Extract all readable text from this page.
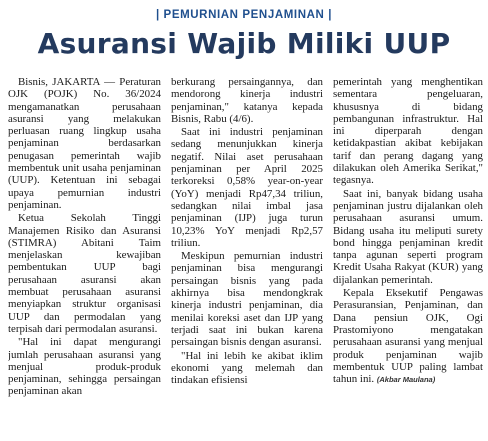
| PEMURNIAN PENJAMINAN |
Asuransi Wajib Miliki UUP

Bisnis, JAKARTA — Peraturan OJK (POJK) No. 36/2024 mengamanatkan perusahaan asuransi yang melakukan perluasan ruang lingkup usaha penjaminan berdasarkan penugasan pemerintah wajib membentuk unit usaha penjaminan (UUP). Ketentuan ini sebagai upaya pemurnian industri penjaminan.

Ketua Sekolah Tinggi Manajemen Risiko dan Asuransi (STIMRA) Abitani Taim menjelaskan kewajiban pembentukan UUP bagi perusahaan asuransi akan membuat perusahaan asuransi menyiapkan struktur organisasi UUP dan permodalan yang terpisah dari permodalan asuransi.

"Hal ini dapat mengurangi jumlah perusahaan asuransi yang menjual produk-produk penjaminan, sehingga persaingan penjaminan akan

berkurang persaingannya, dan mendorong kinerja industri penjaminan," katanya kepada Bisnis, Rabu (4/6).

Saat ini industri penjaminan sedang menunjukkan kinerja negatif. Nilai aset perusahaan penjaminan per April 2025 terkoreksi 0,58% year-on-year (YoY) menjadi Rp47,34 triliun, sedangkan nilai imbal jasa penjaminan (IJP) juga turun 10,23% YoY menjadi Rp2,57 triliun.

Meskipun pemurnian industri penjaminan bisa mengurangi persaingan bisnis yang pada akhirnya bisa mendongkrak kinerja industri penjaminan, dia menilai koreksi aset dan IJP yang terjadi saat ini bukan karena persaingan bisnis dengan asuransi.

"Hal ini lebih ke akibat iklim ekonomi yang melemah dan tindakan efisiensi

pemerintah yang menghentikan sementara pengeluaran, khususnya di bidang pembangunan infrastruktur. Hal ini diperparah dengan ketidakpastian akibat kebijakan tarif dan perang dagang yang dilakukan oleh Amerika Serikat," tegasnya.

Saat ini, banyak bidang usaha penjaminan justru dijalankan oleh perusahaan asuransi umum. Bidang usaha itu meliputi surety bond hingga penjaminan kredit tanpa agunan seperti program Kredit Usaha Rakyat (KUR) yang dijalankan pemerintah.

Kepala Eksekutif Pengawas Perasuransian, Penjaminan, dan Dana pensiun OJK, Ogi Prastomiyono mengatakan perusahaan asuransi yang menjual produk penjaminan wajib membentuk UUP paling lambat tahun ini. (Akbar Maulana)
